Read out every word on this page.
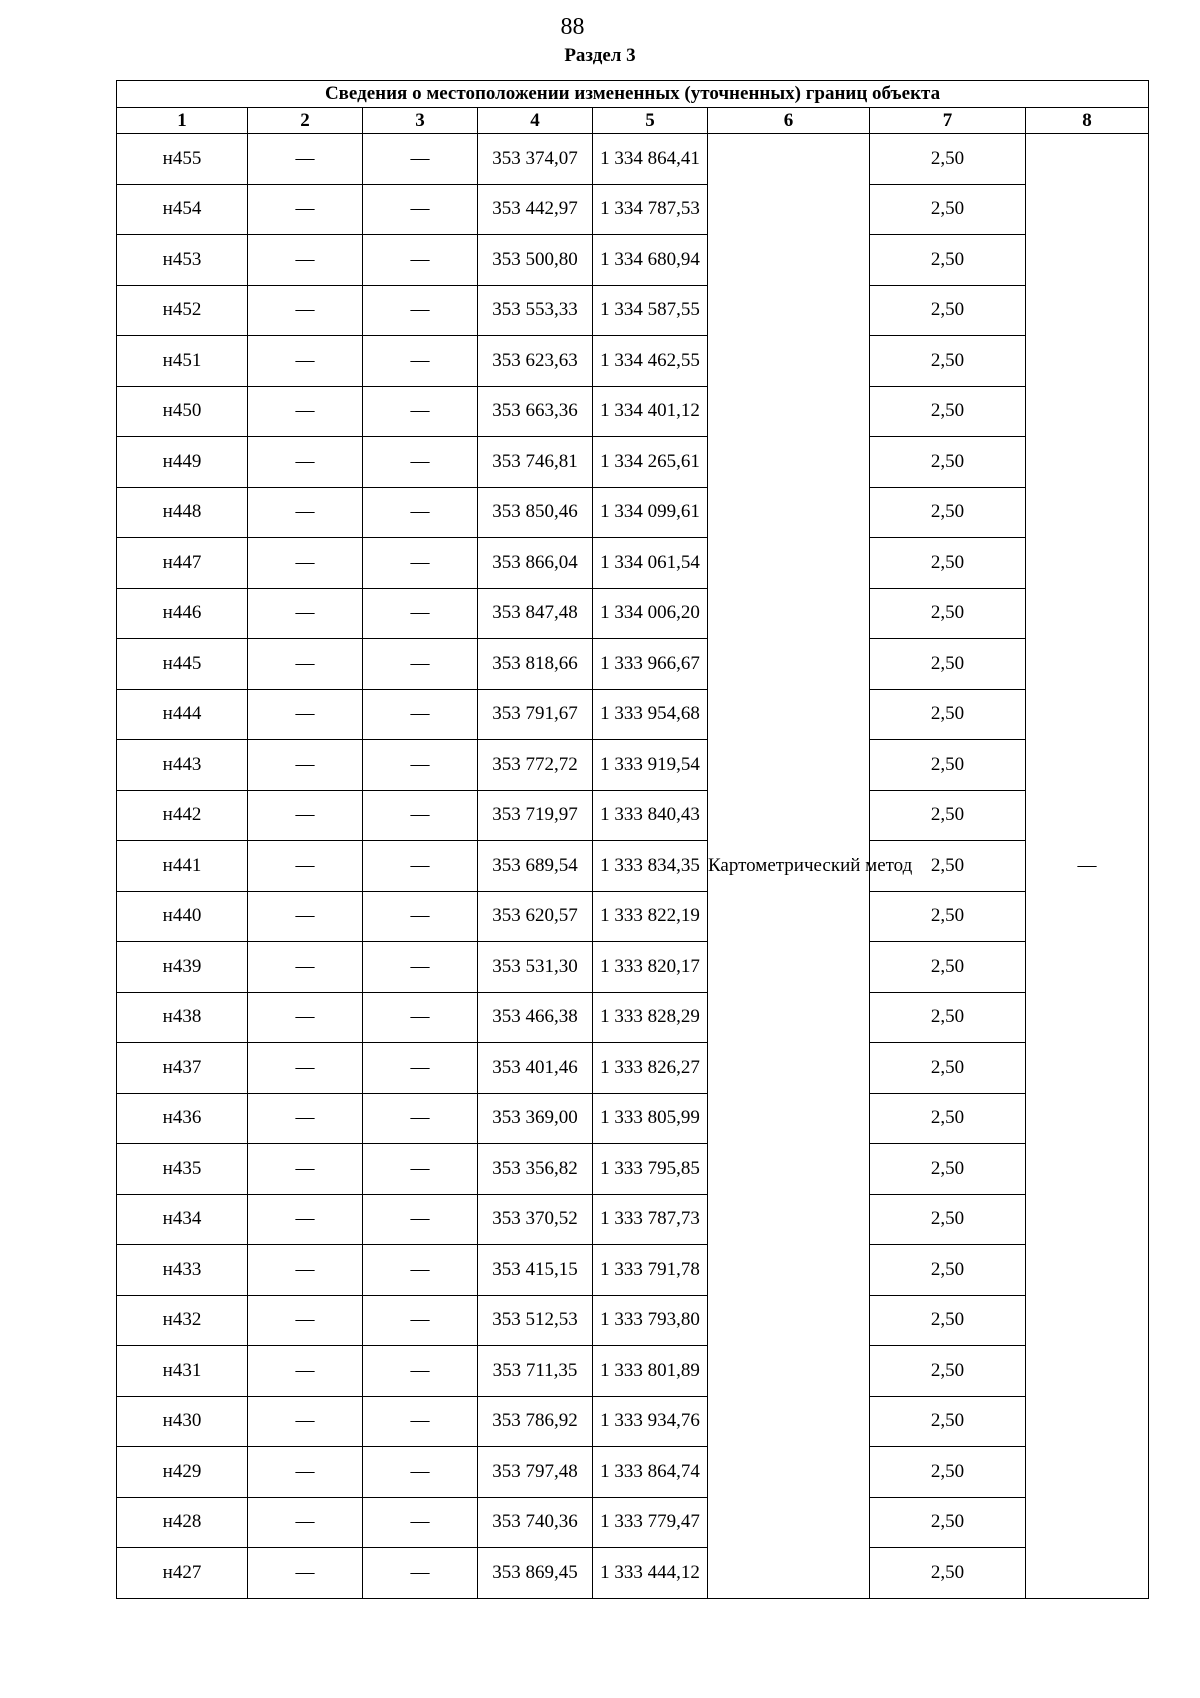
88
Раздел 3
Сведения о местоположении измененных (уточненных) границ объекта							
1	2	3	4	5	6	7	8
н455	—	—	353 374,07	1 334 864,41	Картометрический метод	2,50	—
н454	—	—	353 442,97	1 334 787,53		2,50	
н453	—	—	353 500,80	1 334 680,94		2,50	
н452	—	—	353 553,33	1 334 587,55		2,50	
н451	—	—	353 623,63	1 334 462,55		2,50	
н450	—	—	353 663,36	1 334 401,12		2,50	
н449	—	—	353 746,81	1 334 265,61		2,50	
н448	—	—	353 850,46	1 334 099,61		2,50	
н447	—	—	353 866,04	1 334 061,54		2,50	
н446	—	—	353 847,48	1 334 006,20		2,50	
н445	—	—	353 818,66	1 333 966,67		2,50	
н444	—	—	353 791,67	1 333 954,68		2,50	
н443	—	—	353 772,72	1 333 919,54		2,50	
н442	—	—	353 719,97	1 333 840,43		2,50	
н441	—	—	353 689,54	1 333 834,35		2,50	
н440	—	—	353 620,57	1 333 822,19		2,50	
н439	—	—	353 531,30	1 333 820,17		2,50	
н438	—	—	353 466,38	1 333 828,29		2,50	
н437	—	—	353 401,46	1 333 826,27		2,50	
н436	—	—	353 369,00	1 333 805,99		2,50	
н435	—	—	353 356,82	1 333 795,85		2,50	
н434	—	—	353 370,52	1 333 787,73		2,50	
н433	—	—	353 415,15	1 333 791,78		2,50	
н432	—	—	353 512,53	1 333 793,80		2,50	
н431	—	—	353 711,35	1 333 801,89		2,50	
н430	—	—	353 786,92	1 333 934,76		2,50	
н429	—	—	353 797,48	1 333 864,74		2,50	
н428	—	—	353 740,36	1 333 779,47		2,50	
н427	—	—	353 869,45	1 333 444,12		2,50	
